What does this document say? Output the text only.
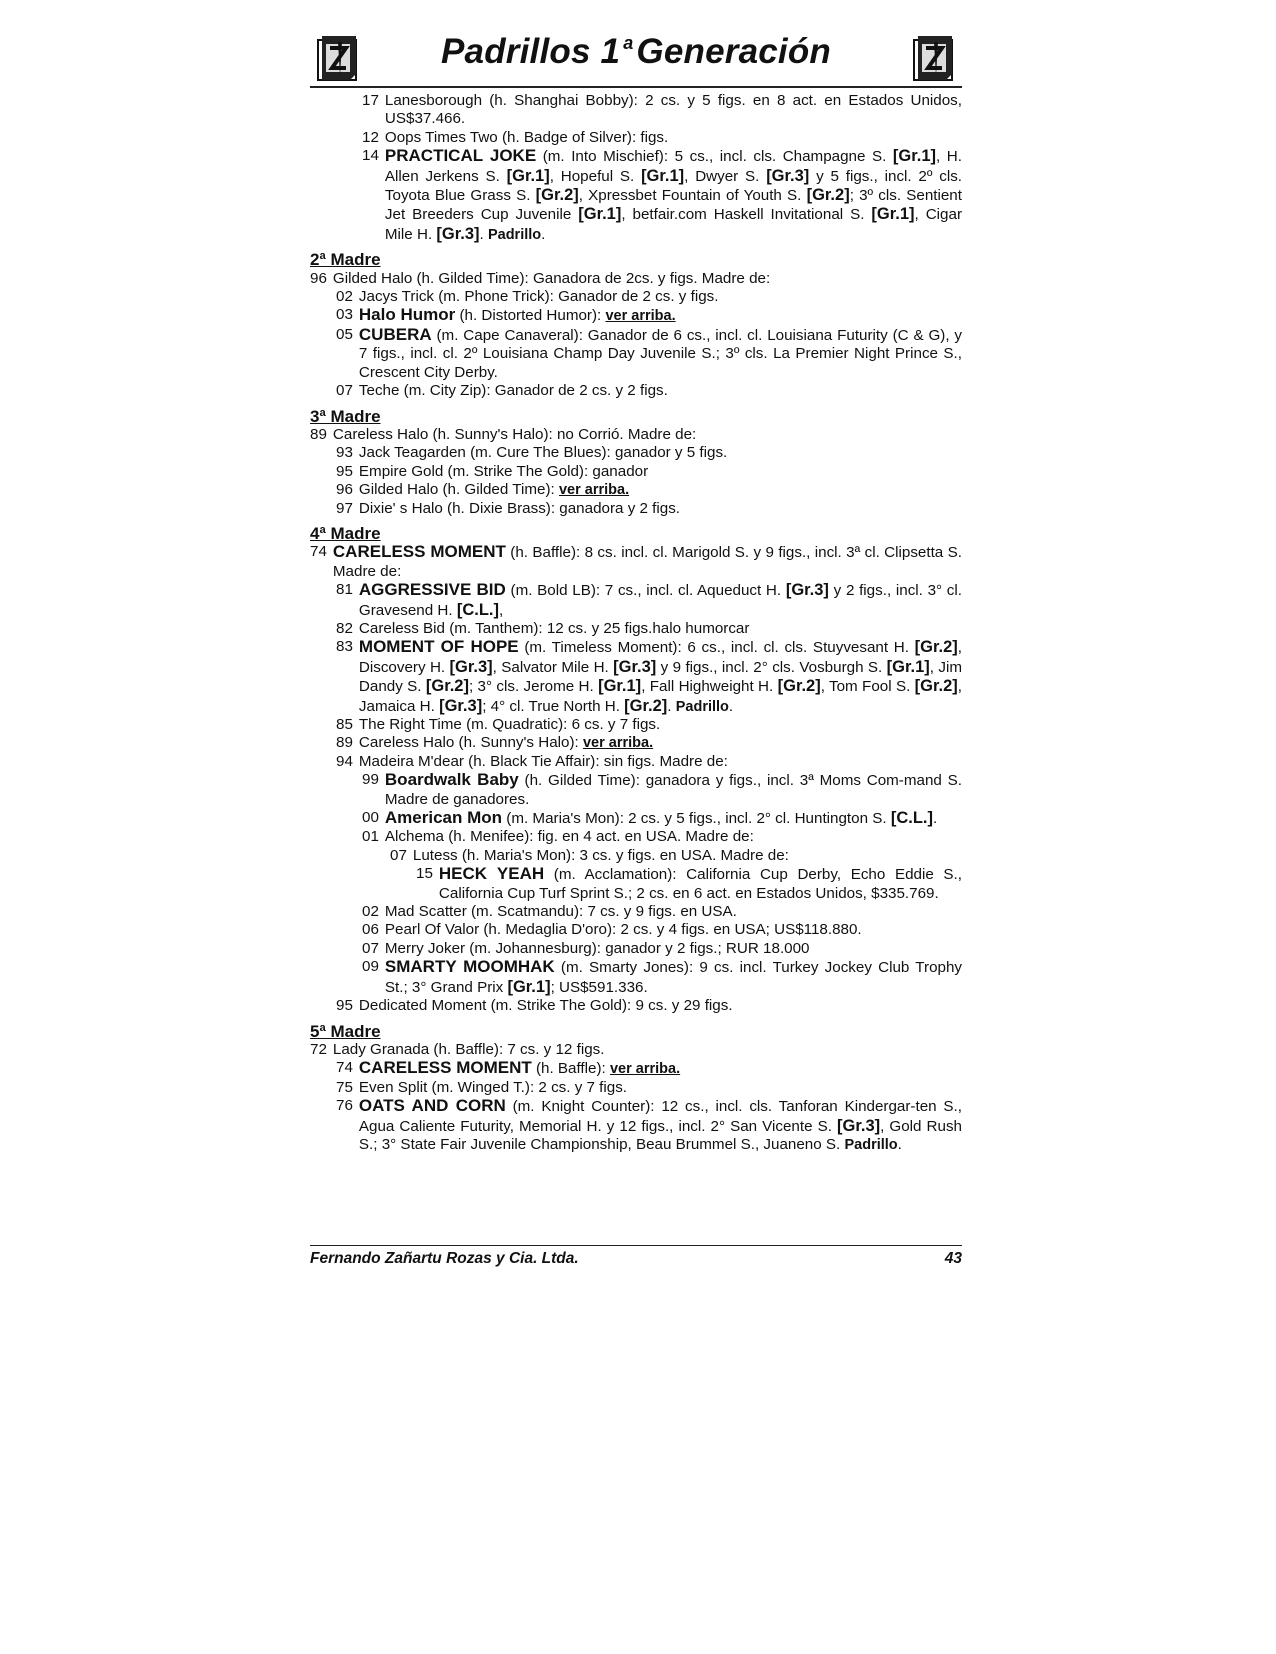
Padrillos 1 $^a$Generación
17 Lanesborough (h. Shanghai Bobby): 2 cs. y 5 figs. en 8 act. en Estados Unidos, US$37.466.
12 Oops Times Two (h. Badge of Silver): figs.
14 PRACTICAL JOKE (m. Into Mischief): 5 cs., incl. cls. Champagne S. [Gr.1], H. Allen Jerkens S. [Gr.1], Hopeful S. [Gr.1], Dwyer S. [Gr.3] y 5 figs., incl. 2º cls. Toyota Blue Grass S. [Gr.2], Xpressbet Fountain of Youth S. [Gr.2]; 3º cls. Sentient Jet Breeders Cup Juvenile [Gr.1], betfair.com Haskell Invitational S. [Gr.1], Cigar Mile H. [Gr.3]. Padrillo.
2ª Madre
96 Gilded Halo (h. Gilded Time): Ganadora de 2cs. y figs. Madre de:
02 Jacys Trick (m. Phone Trick): Ganador de 2 cs. y figs.
03 Halo Humor (h. Distorted Humor): ver arriba.
05 CUBERA (m. Cape Canaveral): Ganador de 6 cs., incl. cl. Louisiana Futurity (C & G), y 7 figs., incl. cl. 2º Louisiana Champ Day Juvenile S.; 3º cls. La Premier Night Prince S., Crescent City Derby.
07 Teche (m. City Zip): Ganador de 2 cs. y 2 figs.
3ª Madre
89 Careless Halo (h. Sunny's Halo): no Corrió. Madre de:
93 Jack Teagarden (m. Cure The Blues): ganador y 5 figs.
95 Empire Gold (m. Strike The Gold): ganador
96 Gilded Halo (h. Gilded Time): ver arriba.
97 Dixie' s Halo (h. Dixie Brass): ganadora y 2 figs.
4ª Madre
74 CARELESS MOMENT (h. Baffle): 8 cs. incl. cl. Marigold S. y 9 figs., incl. 3ª cl. Clipsetta S. Madre de:
81 AGGRESSIVE BID (m. Bold LB): 7 cs., incl. cl. Aqueduct H. [Gr.3] y 2 figs., incl. 3° cl. Gravesend H. [C.L.],
82 Careless Bid (m. Tanthem): 12 cs. y 25 figs.halo humorcar
83 MOMENT OF HOPE (m. Timeless Moment): 6 cs., incl. cl. cls. Stuyvesant H. [Gr.2], Discovery H. [Gr.3], Salvator Mile H. [Gr.3] y 9 figs., incl. 2° cls. Vosburgh S. [Gr.1], Jim Dandy S. [Gr.2]; 3° cls. Jerome H. [Gr.1], Fall Highweight H. [Gr.2], Tom Fool S. [Gr.2], Jamaica H. [Gr.3]; 4° cl. True North H. [Gr.2]. Padrillo.
85 The Right Time (m. Quadratic): 6 cs. y 7 figs.
89 Careless Halo (h. Sunny's Halo): ver arriba.
94 Madeira M'dear (h. Black Tie Affair): sin figs. Madre de:
99 Boardwalk Baby (h. Gilded Time): ganadora y figs., incl. 3ª Moms Com-mand S. Madre de ganadores.
00 American Mon (m. Maria's Mon): 2 cs. y 5 figs., incl. 2° cl. Huntington S. [C.L.].
01 Alchema (h. Menifee): fig. en 4 act. en USA. Madre de:
07 Lutess (h. Maria's Mon): 3 cs. y figs. en USA. Madre de:
15 HECK YEAH (m. Acclamation): California Cup Derby, Echo Eddie S., California Cup Turf Sprint S.; 2 cs. en 6 act. en Estados Unidos, $335.769.
02 Mad Scatter (m. Scatmandu): 7 cs. y 9 figs. en USA.
06 Pearl Of Valor (h. Medaglia D'oro): 2 cs. y 4 figs. en USA; US$118.880.
07 Merry Joker (m. Johannesburg): ganador y 2 figs.; RUR 18.000
09 SMARTY MOOMHAK (m. Smarty Jones): 9 cs. incl. Turkey Jockey Club Trophy St.; 3° Grand Prix [Gr.1]; US$591.336.
95 Dedicated Moment (m. Strike The Gold): 9 cs. y 29 figs.
5ª Madre
72 Lady Granada (h. Baffle): 7 cs. y 12 figs.
74 CARELESS MOMENT (h. Baffle): ver arriba.
75 Even Split (m. Winged T.): 2 cs. y 7 figs.
76 OATS AND CORN (m. Knight Counter): 12 cs., incl. cls. Tanforan Kindergar-ten S., Agua Caliente Futurity, Memorial H. y 12 figs., incl. 2° San Vicente S. [Gr.3], Gold Rush S.; 3° State Fair Juvenile Championship, Beau Brummel S., Juaneno S. Padrillo.
Fernando Zañartu Rozas y Cia. Ltda.	43
